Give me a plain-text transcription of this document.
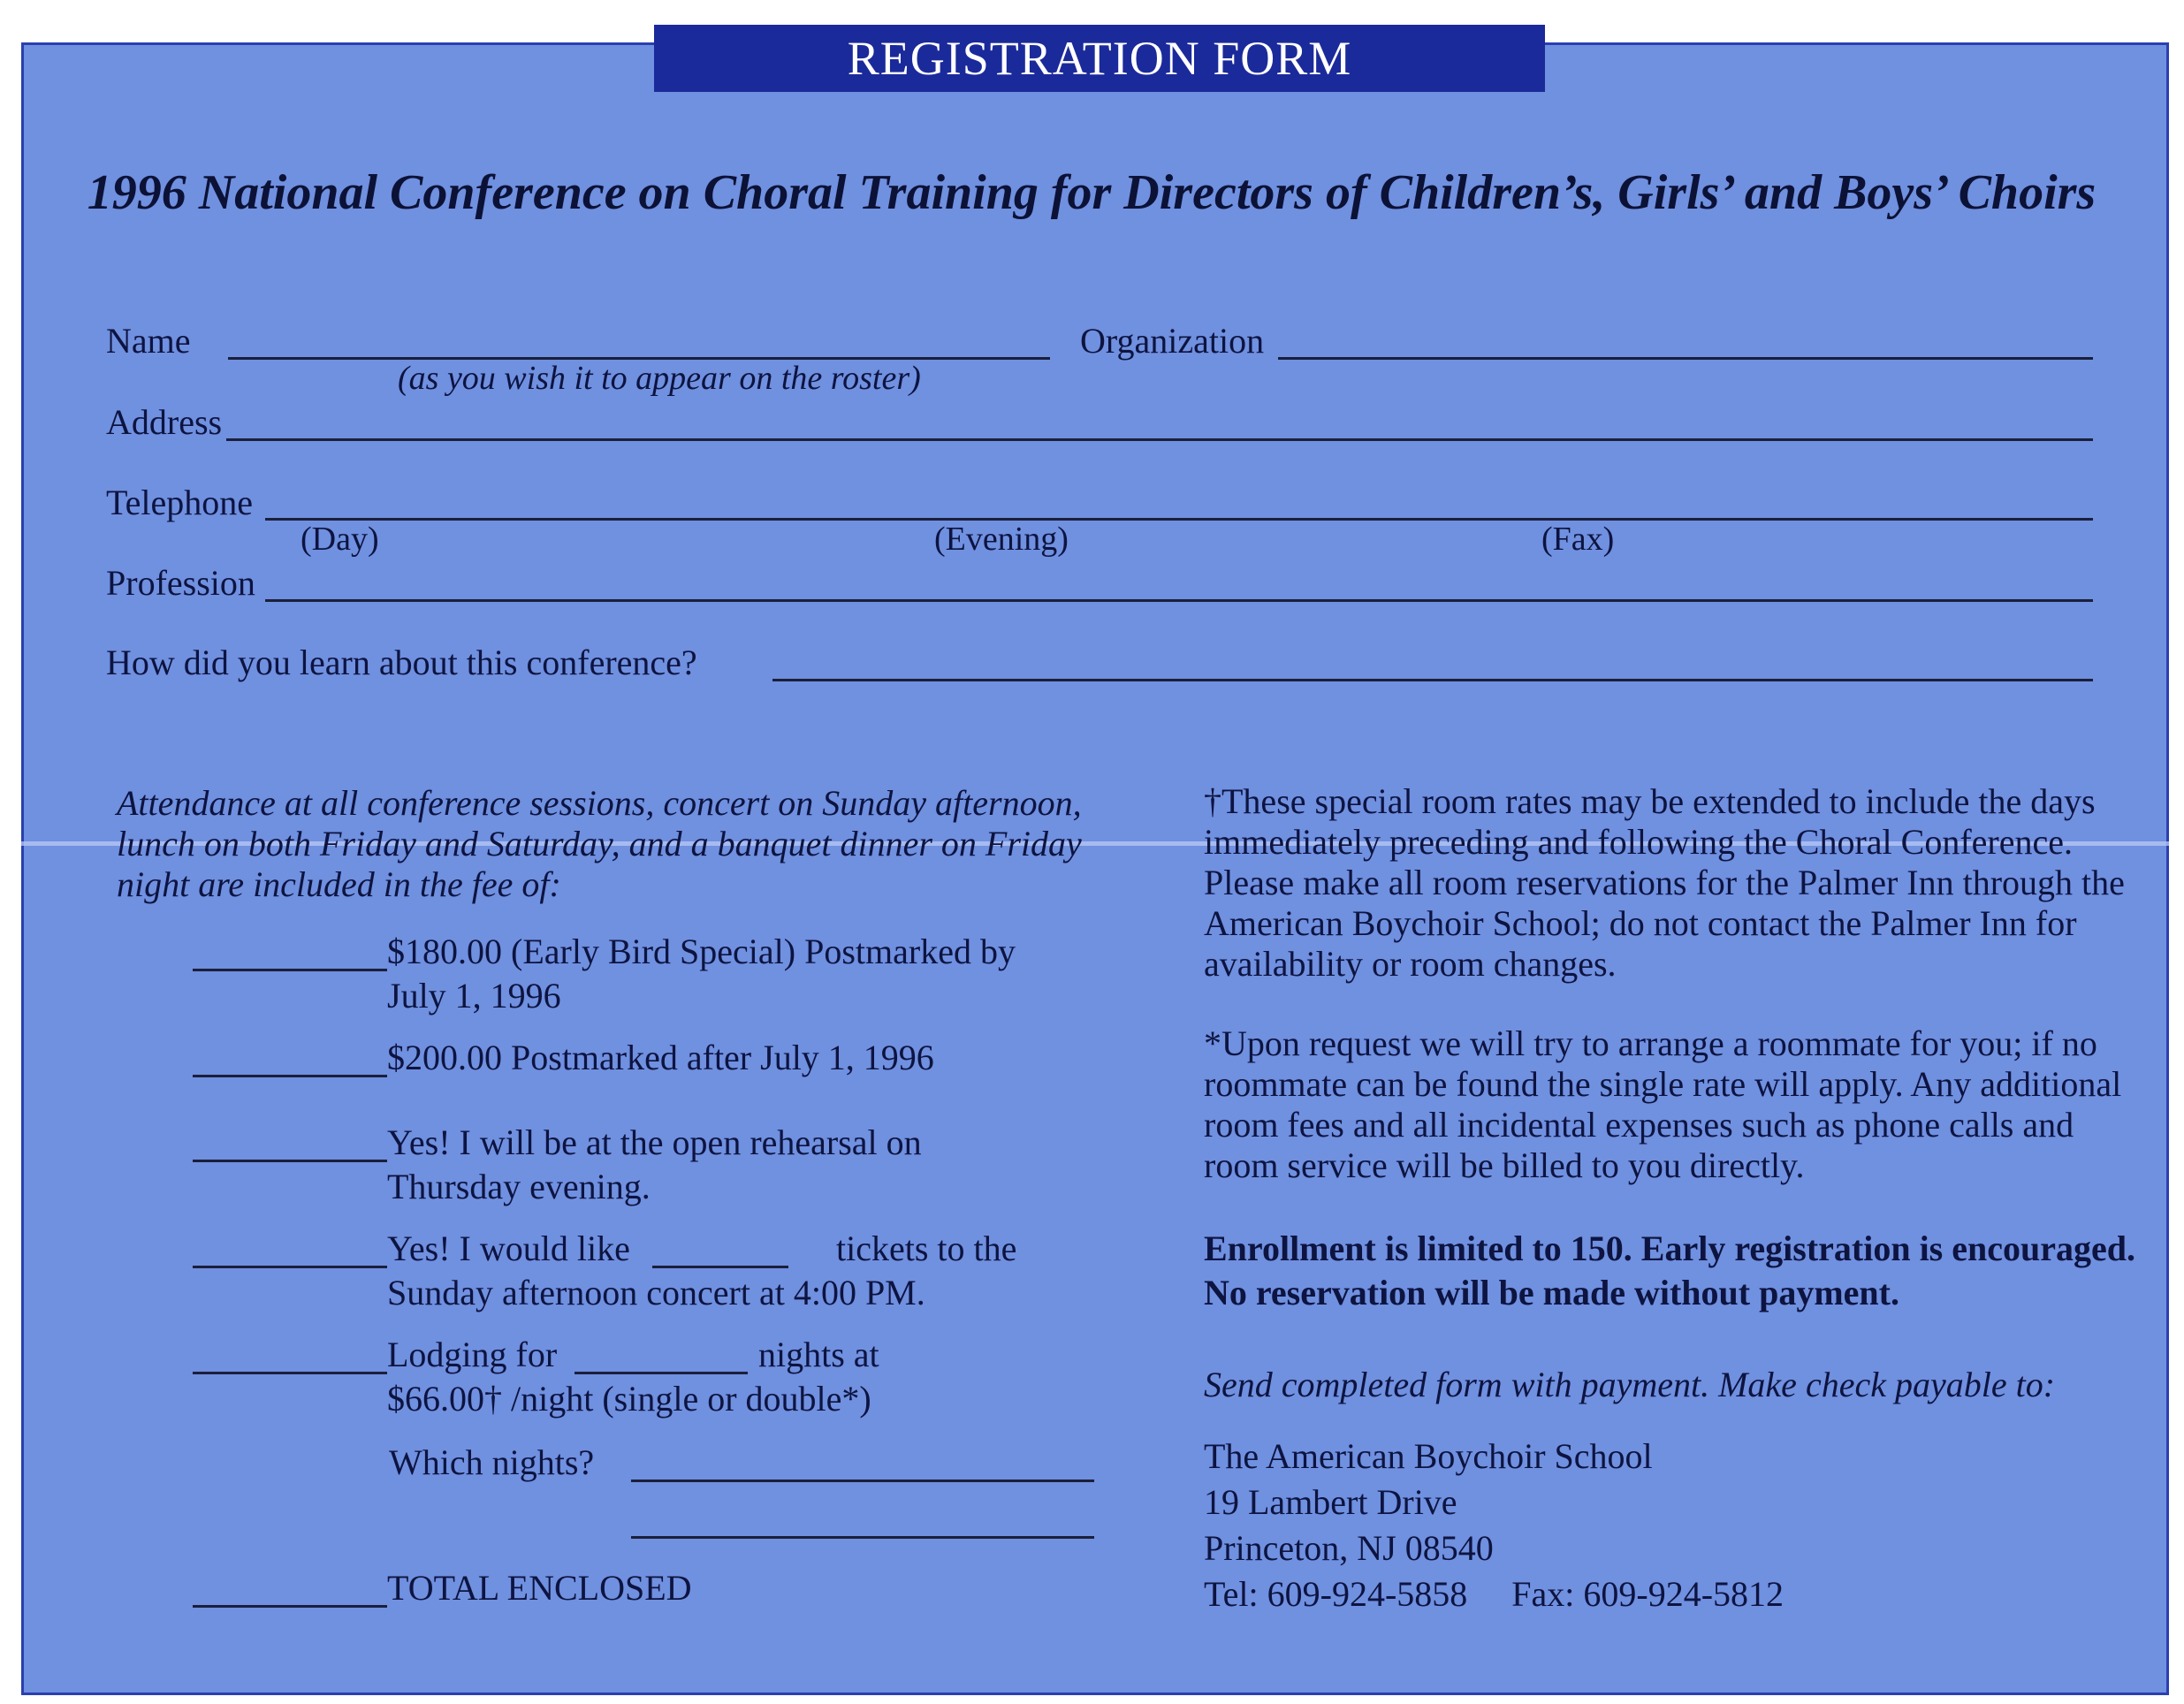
REGISTRATION FORM
1996 National Conference on Choral Training for Directors of Children’s, Girls’ and Boys’ Choirs
Name	Organization
(as you wish it to appear on the roster)
Address
Telephone
(Day)	(Evening)	(Fax)
Profession
How did you learn about this conference?
Attendance at all conference sessions, concert on Sunday afternoon, lunch on both Friday and Saturday, and a banquet dinner on Friday night are included in the fee of:
$180.00 (Early Bird Special) Postmarked by
July 1, 1996
$200.00 Postmarked after July 1, 1996
Yes! I will be at the open rehearsal on
Thursday evening.
Yes! I would like	tickets to the
Sunday afternoon concert at 4:00 PM.
Lodging for	nights at
$66.00† /night (single or double*)
Which nights?
TOTAL ENCLOSED
†These special room rates may be extended to include the days immediately preceding and following the Choral Conference. Please make all room reservations for the Palmer Inn through the American Boychoir School; do not contact the Palmer Inn for availability or room changes.
*Upon request we will try to arrange a roommate for you; if no roommate can be found the single rate will apply. Any additional room fees and all incidental expenses such as phone calls and room service will be billed to you directly.
Enrollment is limited to 150. Early registration is encouraged. No reservation will be made without payment.
Send completed form with payment. Make check payable to:
The American Boychoir School
19 Lambert Drive
Princeton, NJ 08540
Tel: 609-924-5858 Fax: 609-924-5812
